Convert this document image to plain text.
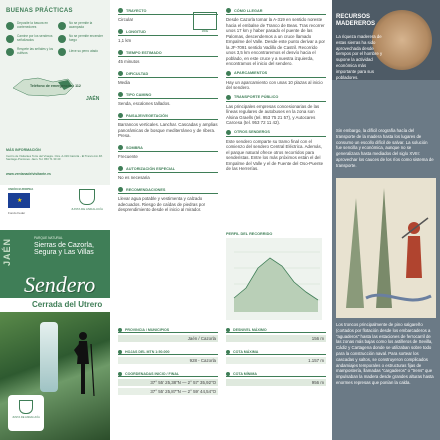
BUENAS PRÁCTICAS
Deposite la basura en contenedores
No se permite la acampada
Camine por los senderos señalizados
No se permite encender fuego
Respete las señales y los cultivos	Lleve su perro atado
JAÉN
Teléfono de emergencias: 112
MÁS INFORMACIÓN
Centro de Visitantes Torre del Vinagre. Ctra. A-319 Cazorla - El Tranco km 48. Santiago-Pontones. Jaén. Tel. 953 71 30 40
www.ventanadelvisitante.es
UNIÓN EUROPEA
★
Fondo Feder
JUNTA DE ANDALUCÍA
JAÉN	PARQUE NATURAL
Sierras de Cazorla, Segura y Las Villas
Sendero
Cerrada del Utrero
JUNTA DE ANDALUCÍA
TRAYECTO
Circular
LONGITUD
1,1 km
TIEMPO ESTIMADO
45 minutos
DIFICULTAD
Media
TIPO CAMINO
Senda, escalones tallados.
PAISAJE/VEGETACIÓN
Barrancos verticales. Lanchar. Cascadas y amplias panorámicas de bosque mediterráneo y de ribera. Presa.
SOMBRA
Frecuente
AUTORIZACIÓN ESPECIAL
No es necesaria
RECOMENDACIONES
Llevar agua potable y vestimenta y calzado adecuados. Riesgo de caídas de piedras por desprendimiento desde el inicio al mirador.
MIDE
CÓMO LLEGAR
Desde Cazorla tomar la A-319 en sentido noreste hacia el embalse de Tranco de Beas. Tras recorrer unos 17 km y haber pasado el puente de las Palomas, descendemos a un cruce llamado Empalme del Valle. Desde este punto derivar a por la JF-7091 sentido Vadillo de Castril. Recorrido unos 3,5 km encontraremos el desvío hacia el poblado, en este cruce y a nuestra izquierda, encontramos el inicio del sendero.
APARCAMIENTOS
Hay un aparcamiento con unas 10 plazas al inicio del sendero.
TRANSPORTE PÚBLICO
Las principales empresas concesionarias de las líneas regulares de autobuses en la zona son Alsina Graells (tel. 953 75 21 57), y Autocares Carcesa (tel. 953 72 11 42).
OTROS SENDEROS
Este sendero comparte su tramo final con el comienzo del sendero Central Eléctrica. Además, el parque natural ofrece otros recorridos para senderistas. Entre los más próximos están el del Empalme del Valle y el de Fuente del Oso-Puente de las Herrerías.
PERFIL DEL RECORRIDO
PROVINCIA / MUNICIPIOS
Jaén / Cazorla
HOJAS DEL MTN 1:50.000
928 - Cazorla
COORDENADAS INICIO / FINAL
37° 55' 25,38"N — 2° 57' 35,92"O
37° 55' 25,87"N — 2° 59' 44,54"O
DESNIVEL MÁXIMO
156 m
COTA MÁXIMA
1.157 m
COTA MÍNIMA
956 m
RECURSOS MADEREROS
La riqueza maderera de estas sierras ha sido aprovechada desde tiempos por el hombre y supone la actividad económica más importante para sus pobladores.
Sin embargo, la difícil orografía hacía del transporte de la madera hasta los lugares de consumo un escollo difícil de salvar. La solución fue sencilla y económica, aunque no se generalizara hasta mediados del siglo XVIII: aprovechar los cauces de los ríos como sistema de transporte.
Los troncos principalmente de pino salgareño (cortados por flotación desde los embarcaderos a "aguaderos" hasta las estaciones de ferrocarril de las zonas más bajas como los astilleros de Sevilla, Cádiz y Cartagena donde se utilizaban sobre todo para la construcción naval. Para sortear los cascadas y saltos, se construyeron complicados andamiajes temporales o estructuras fijas de mampostería, llamadas "cargaderos" o "trens" que impulsaban la madera desde grandes alturas hasta enormes represas que ponían la calda.
